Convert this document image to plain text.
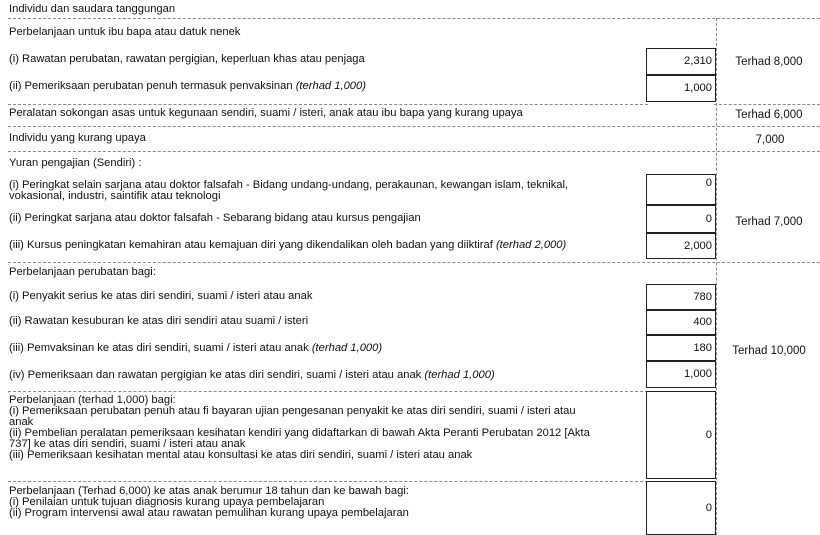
Individu dan saudara tanggungan
Perbelanjaan untuk ibu bapa atau datuk nenek
(i) Rawatan perubatan, rawatan pergigian, keperluan khas atau penjaga	2,310
(ii) Pemeriksaan perubatan penuh termasuk penvaksinan (terhad 1,000)	1,000
Terhad 8,000
Peralatan sokongan asas untuk kegunaan sendiri, suami / isteri, anak atau ibu bapa yang kurang upaya	Terhad 6,000
Individu yang kurang upaya	7,000
Yuran pengajian (Sendiri) :
(i) Peringkat selain sarjana atau doktor falsafah - Bidang undang-undang, perakaunan, kewangan islam, teknikal,
vokasional, industri, saintifik atau teknologi
0
(ii) Peringkat sarjana atau doktor falsafah - Sebarang bidang atau kursus pengajian	0
(iii) Kursus peningkatan kemahiran atau kemajuan diri yang dikendalikan oleh badan yang diiktiraf (terhad 2,000)	2,000
Terhad 7,000
Perbelanjaan perubatan bagi:
(i) Penyakit serius ke atas diri sendiri, suami / isteri atau anak	780
(ii) Rawatan kesuburan ke atas diri sendiri atau suami / isteri	400
(iii) Pemvaksinan ke atas diri sendiri, suami / isteri atau anak (terhad 1,000)	180
(iv) Pemeriksaan dan rawatan pergigian ke atas diri sendiri, suami / isteri atau anak (terhad 1,000)	1,000
Terhad 10,000
Perbelanjaan (terhad 1,000) bagi:
(i) Pemeriksaan perubatan penuh atau fi bayaran ujian pengesanan penyakit ke atas diri sendiri, suami / isteri atau
anak
(ii) Pembelian peralatan pemeriksaan kesihatan kendiri yang didaftarkan di bawah Akta Peranti Perubatan 2012 [Akta
737] ke atas diri sendiri, suami / isteri atau anak
(iii) Pemeriksaan kesihatan mental atau konsultasi ke atas diri sendiri, suami / isteri atau anak
0
Perbelanjaan (Terhad 6,000) ke atas anak berumur 18 tahun dan ke bawah bagi:
(i) Penilaian untuk tujuan diagnosis kurang upaya pembelajaran
(ii) Program intervensi awal atau rawatan pemulihan kurang upaya pembelajaran	0
